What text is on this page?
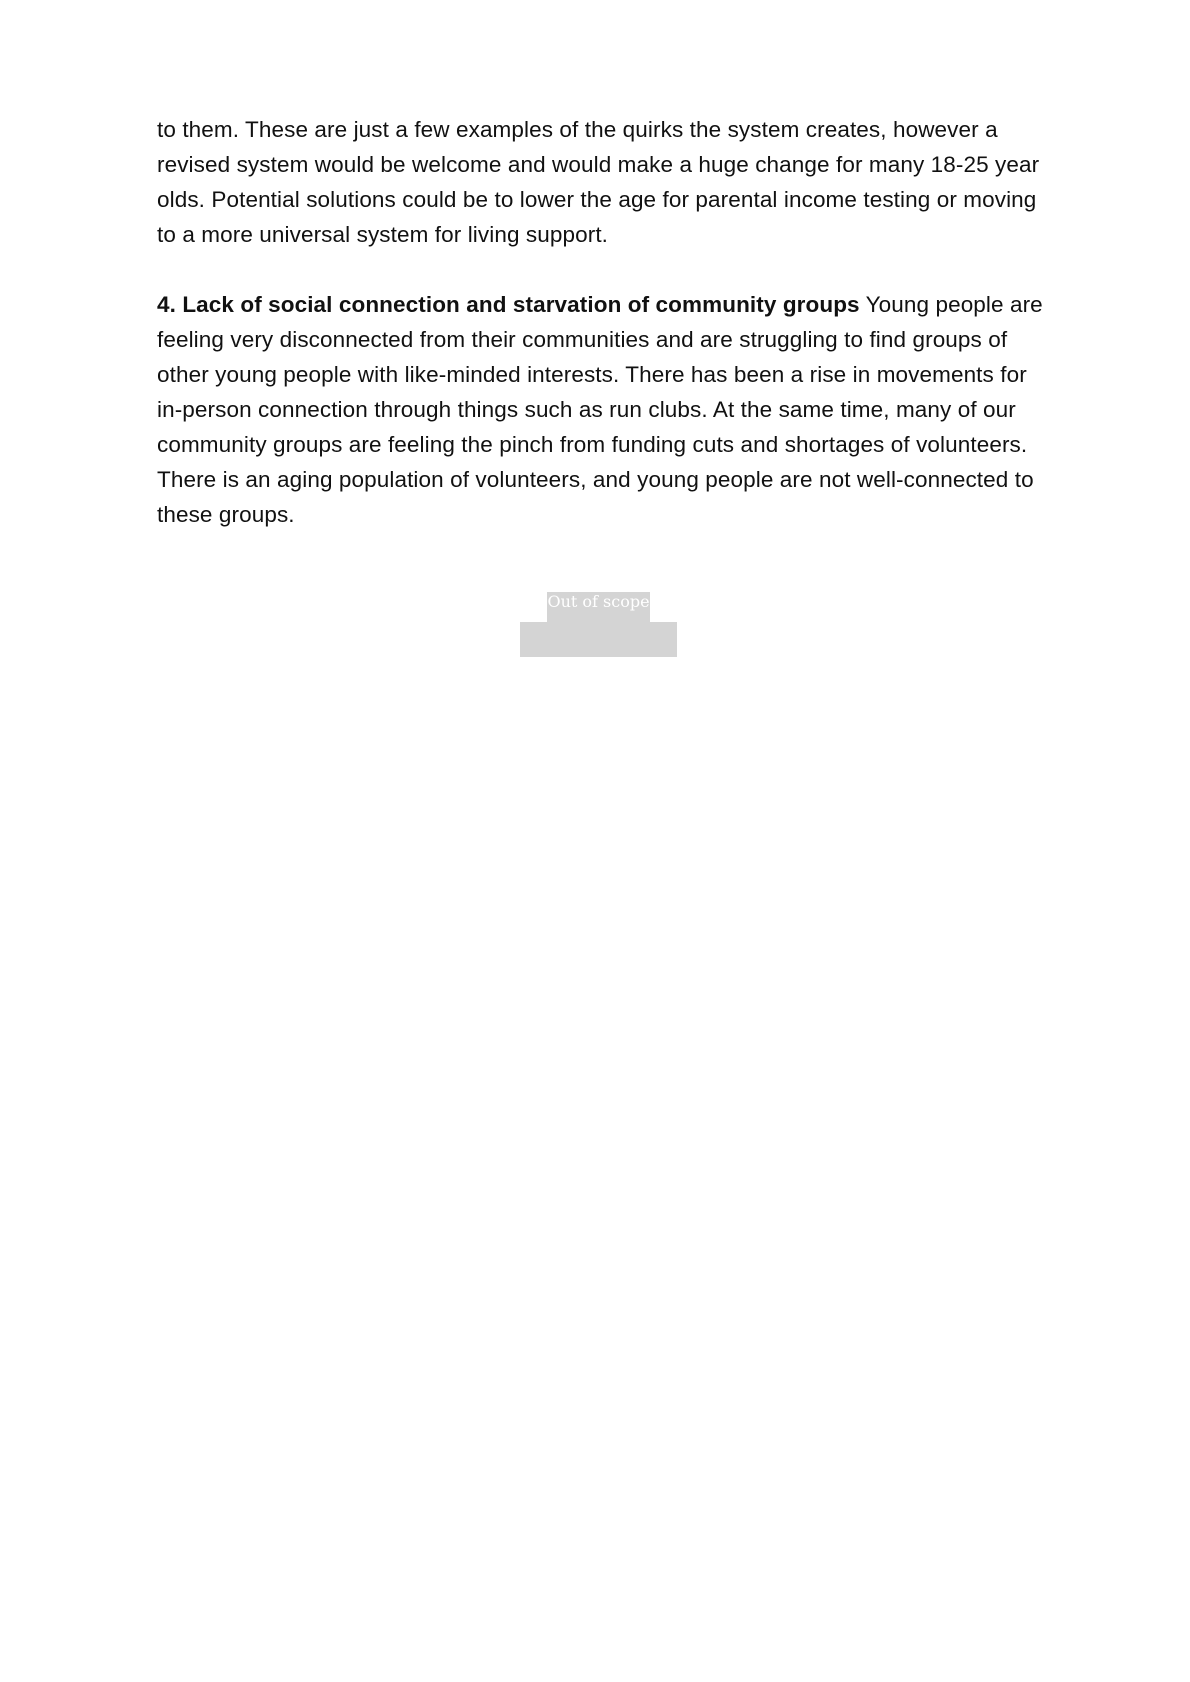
to them. These are just a few examples of the quirks the system creates, however a revised system would be welcome and would make a huge change for many 18-25 year olds. Potential solutions could be to lower the age for parental income testing or moving to a more universal system for living support.

4. Lack of social connection and starvation of community groups Young people are feeling very disconnected from their communities and are struggling to find groups of other young people with like-minded interests. There has been a rise in movements for in-person connection through things such as run clubs. At the same time, many of our community groups are feeling the pinch from funding cuts and shortages of volunteers. There is an aging population of volunteers, and young people are not well-connected to these groups.

Out of scope
